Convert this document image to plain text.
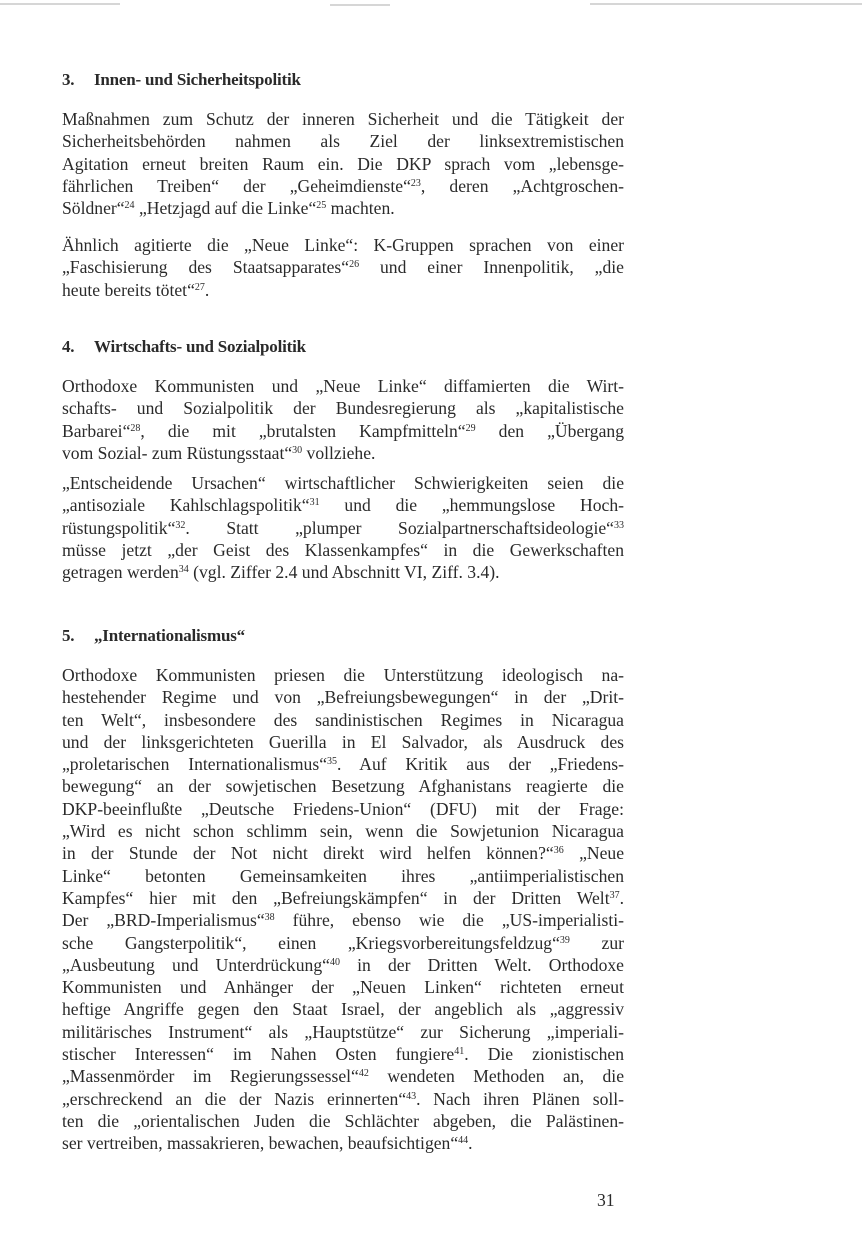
3. Innen- und Sicherheitspolitik
Maßnahmen zum Schutz der inneren Sicherheit und die Tätigkeit der
Sicherheitsbehörden nahmen als Ziel der linksextremistischen
Agitation erneut breiten Raum ein. Die DKP sprach vom „lebensge-
fährlichen Treiben“ der „Geheimdienste“$^{23}$, deren „Achtgroschen-
Söldner“$^{24}$ „Hetzjagd auf die Linke“$^{25}$ machten.
Ähnlich agitierte die „Neue Linke“: K-Gruppen sprachen von einer
„Faschisierung des Staatsapparates“$^{26}$ und einer Innenpolitik, „die
heute bereits tötet“$^{27}$.
4. Wirtschafts- und Sozialpolitik
Orthodoxe Kommunisten und „Neue Linke“ diffamierten die Wirt-
schafts- und Sozialpolitik der Bundesregierung als „kapitalistische
Barbarei“$^{28}$, die mit „brutalsten Kampfmitteln“$^{29}$ den „Übergang
vom Sozial- zum Rüstungsstaat“$^{30}$ vollziehe.
„Entscheidende Ursachen“ wirtschaftlicher Schwierigkeiten seien die
„antisoziale Kahlschlagspolitik“$^{31}$ und die „hemmungslose Hoch-
rüstungspolitik“$^{32}$. Statt „plumper Sozialpartnerschaftsideologie“$^{33}$
müsse jetzt „der Geist des Klassenkampfes“ in die Gewerkschaften
getragen werden$^{34}$ (vgl. Ziffer 2.4 und Abschnitt VI, Ziff. 3.4).
5. „Internationalismus“
Orthodoxe Kommunisten priesen die Unterstützung ideologisch na-
hestehender Regime und von „Befreiungsbewegungen“ in der „Drit-
ten Welt“, insbesondere des sandinistischen Regimes in Nicaragua
und der linksgerichteten Guerilla in El Salvador, als Ausdruck des
„proletarischen Internationalismus“$^{35}$. Auf Kritik aus der „Friedens-
bewegung“ an der sowjetischen Besetzung Afghanistans reagierte die
DKP-beeinflußte „Deutsche Friedens-Union“ (DFU) mit der Frage:
„Wird es nicht schon schlimm sein, wenn die Sowjetunion Nicaragua
in der Stunde der Not nicht direkt wird helfen können?“$^{36}$ „Neue
Linke“ betonten Gemeinsamkeiten ihres „antiimperialistischen
Kampfes“ hier mit den „Befreiungskämpfen“ in der Dritten Welt$^{37}$.
Der „BRD-Imperialismus“$^{38}$ führe, ebenso wie die „US-imperialisti-
sche Gangsterpolitik“, einen „Kriegsvorbereitungsfeldzug“$^{39}$ zur
„Ausbeutung und Unterdrückung“$^{40}$ in der Dritten Welt. Orthodoxe
Kommunisten und Anhänger der „Neuen Linken“ richteten erneut
heftige Angriffe gegen den Staat Israel, der angeblich als „aggressiv
militärisches Instrument“ als „Hauptstütze“ zur Sicherung „imperiali-
stischer Interessen“ im Nahen Osten fungiere$^{41}$. Die zionistischen
„Massenmörder im Regierungssessel“$^{42}$ wendeten Methoden an, die
„erschreckend an die der Nazis erinnerten“$^{43}$. Nach ihren Plänen soll-
ten die „orientalischen Juden die Schlächter abgeben, die Palästinen-
ser vertreiben, massakrieren, bewachen, beaufsichtigen“$^{44}$.
31
